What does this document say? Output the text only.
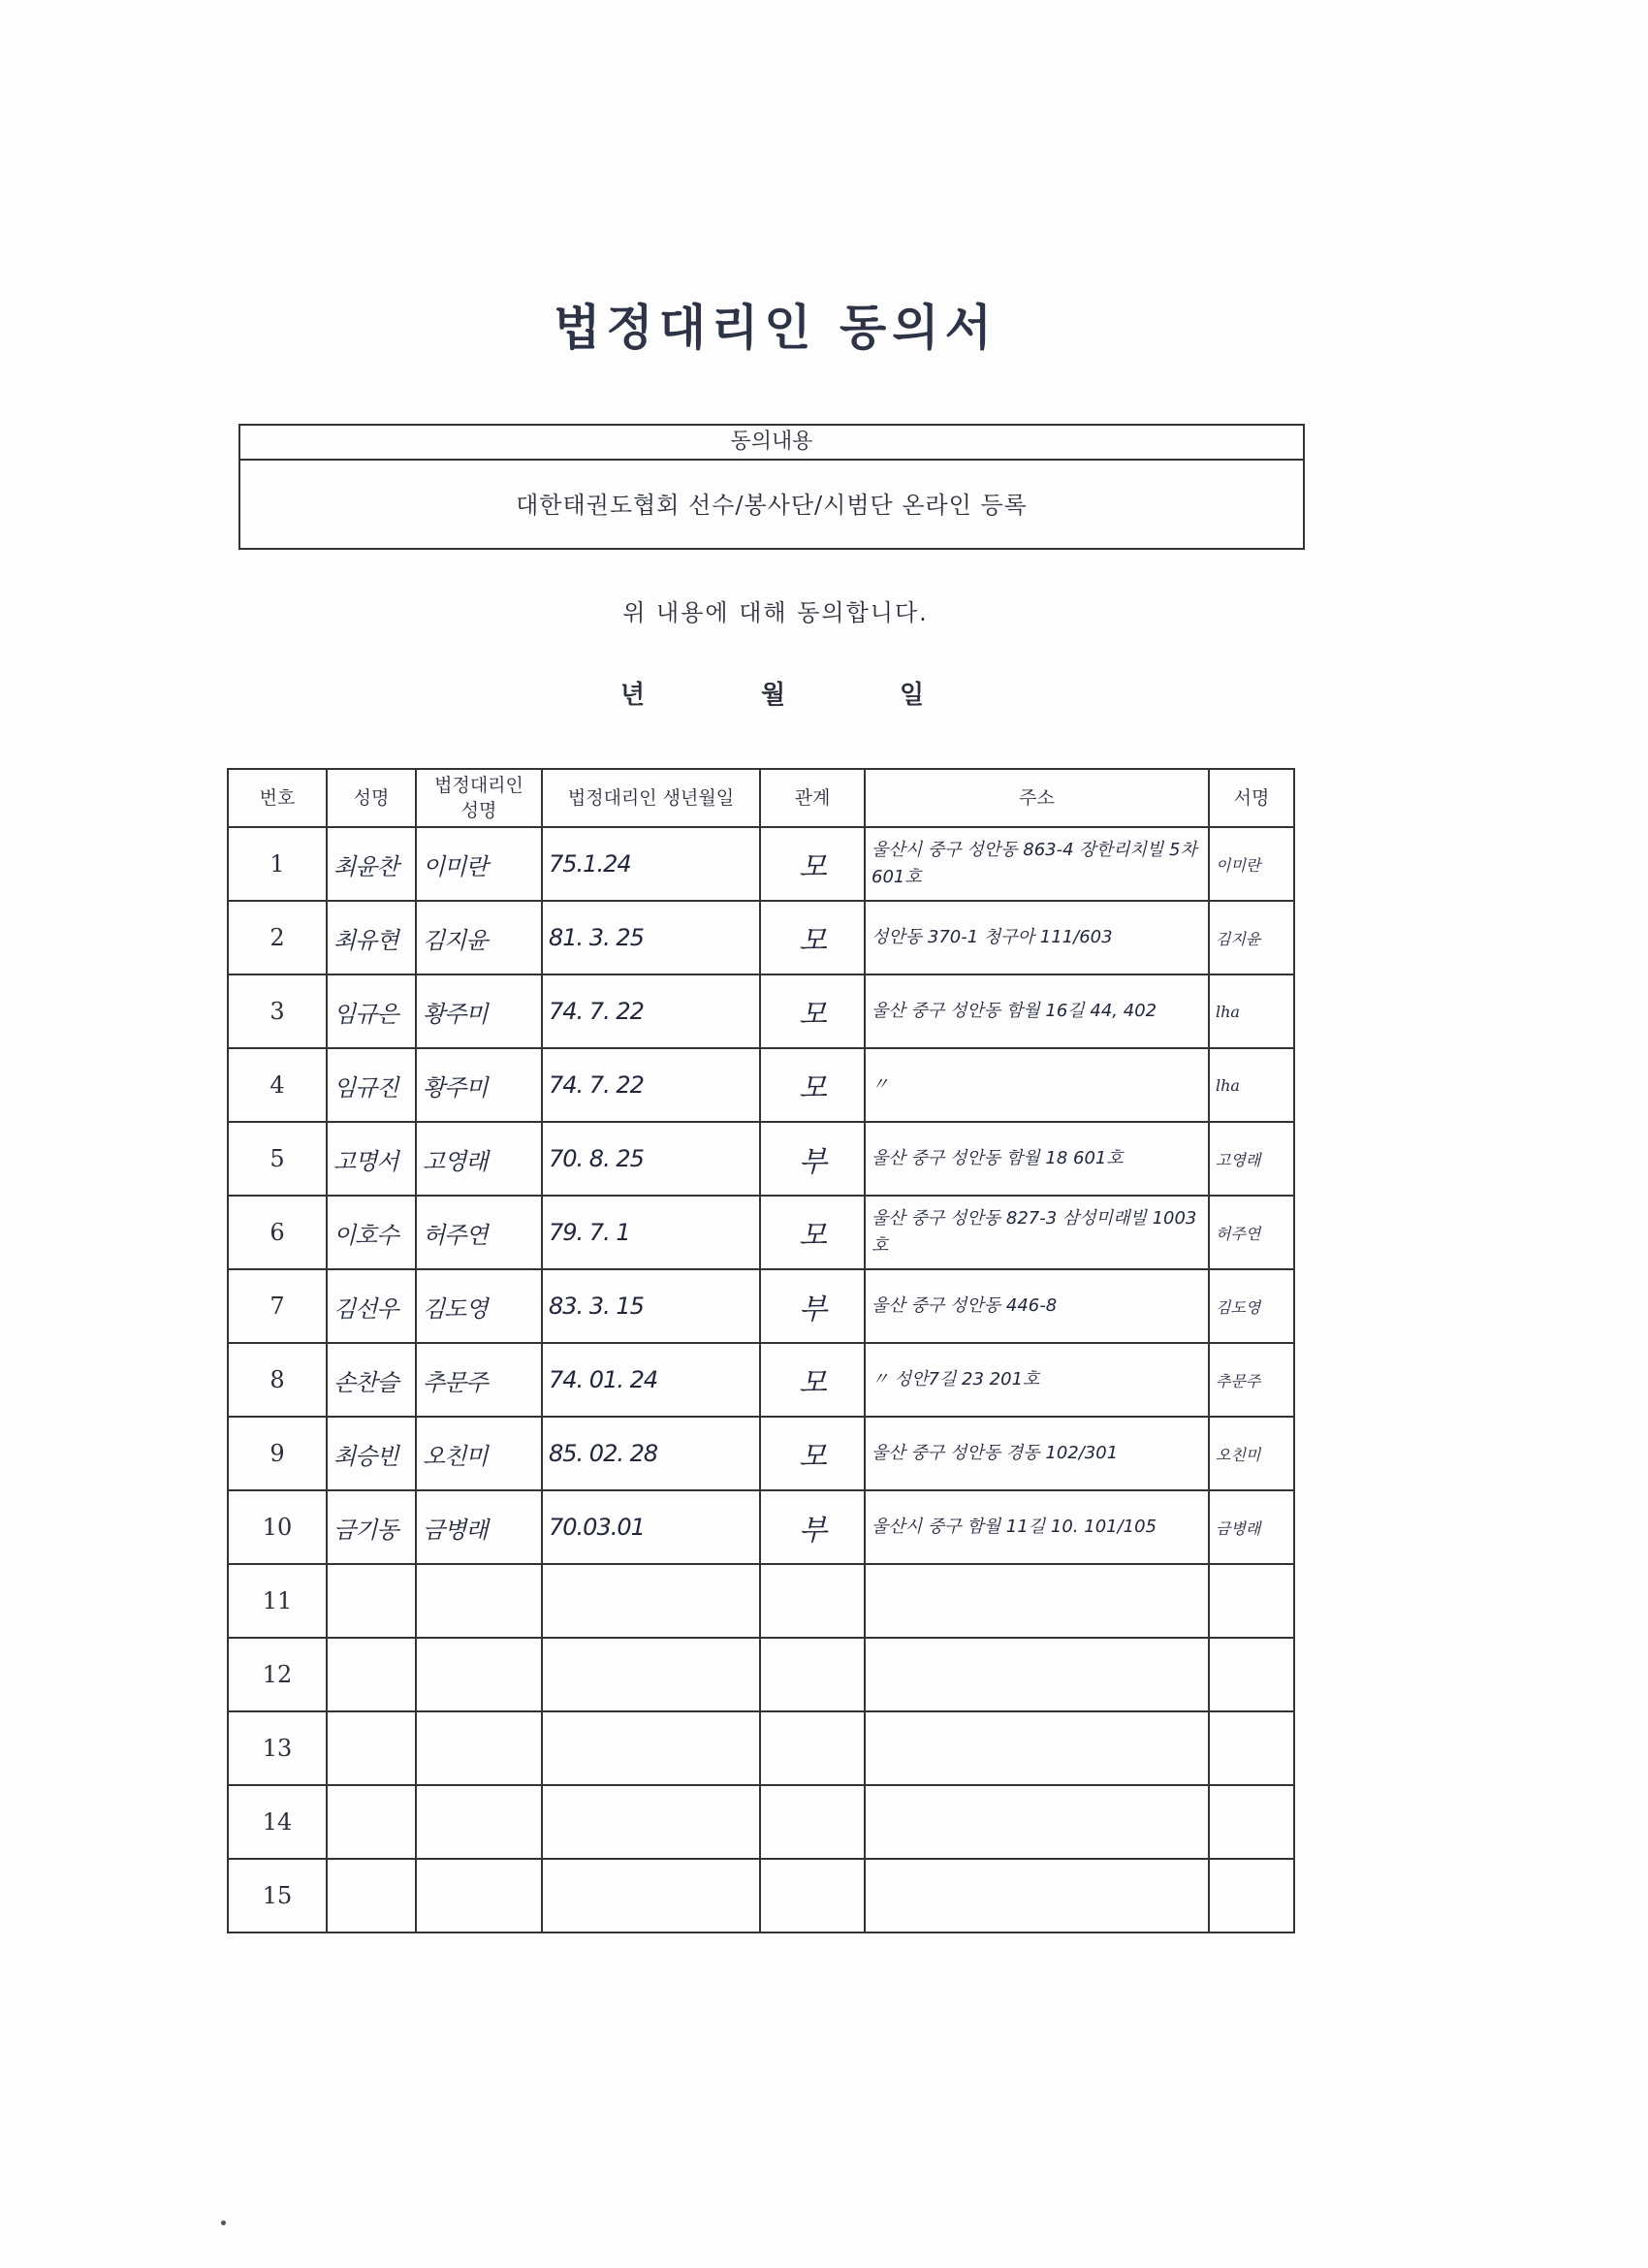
법정대리인 동의서
동의내용
대한태권도협회 선수/봉사단/시범단 온라인 등록
위 내용에 대해 동의합니다.
년	월	일
번호	성명	법정대리인 성명	법정대리인 생년월일	관계	주소	서명
1	최윤찬	이미란	75.1.24	모	울산시 중구 성안동 863-4 장한리치빌 5차 601호	이미란
2	최유현	김지윤	81. 3. 25	모	성안동 370-1 청구아 111/603	김지윤
3	임규은	황주미	74. 7. 22	모	울산 중구 성안동 함월 16길 44, 402	lha
4	임규진	황주미	74. 7. 22	모	〃	lha
5	고명서	고영래	70. 8. 25	부	울산 중구 성안동 함월 18 601호	고영래
6	이호수	허주연	79. 7. 1	모	울산 중구 성안동 827-3 삼성미래빌 1003호	허주연
7	김선우	김도영	83. 3. 15	부	울산 중구 성안동 446-8	김도영
8	손찬슬	추문주	74. 01. 24	모	〃 성안7길 23 201호	추문주
9	최승빈	오친미	85. 02. 28	모	울산 중구 성안동 경동 102/301	오친미
10	금기동	금병래	70.03.01	부	울산시 중구 함월 11길 10. 101/105	금병래
11						
12						
13						
14						
15						
